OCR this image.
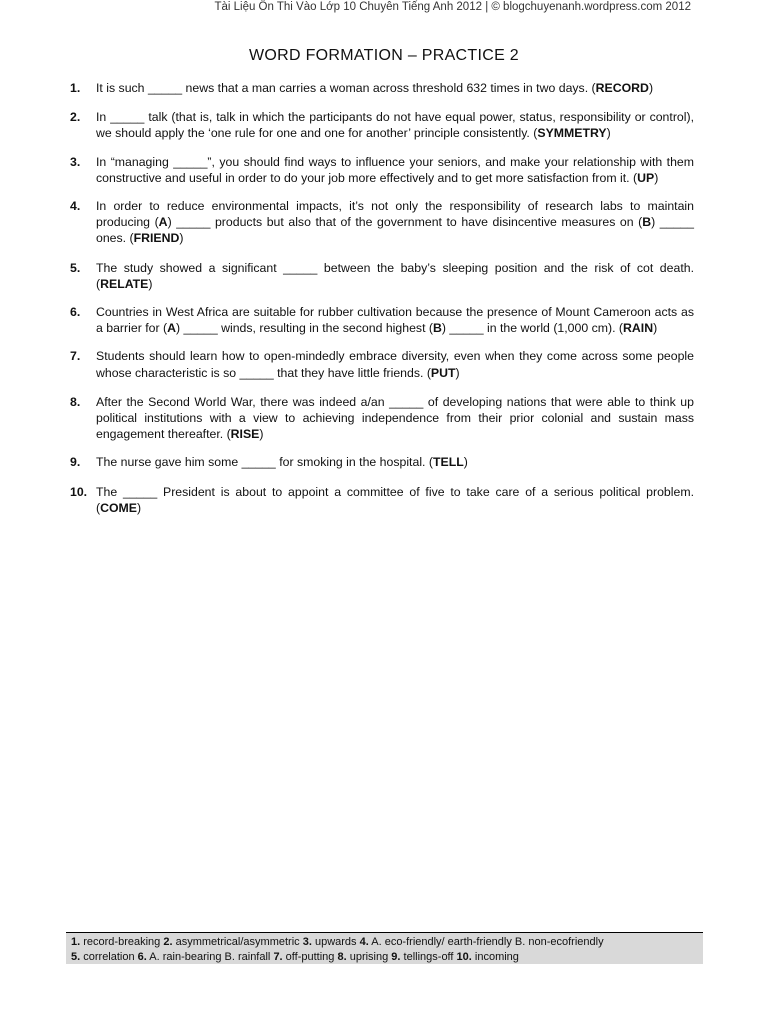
Tài Liệu Ôn Thi Vào Lớp 10 Chuyên Tiếng Anh 2012 | © blogchuyenanh.wordpress.com 2012
WORD FORMATION – PRACTICE 2
1. It is such _____ news that a man carries a woman across threshold 632 times in two days. (RECORD)
2. In _____ talk (that is, talk in which the participants do not have equal power, status, responsibility or control), we should apply the ‘one rule for one and one for another’ principle consistently. (SYMMETRY)
3. In “managing _____”, you should find ways to influence your seniors, and make your relationship with them constructive and useful in order to do your job more effectively and to get more satisfaction from it. (UP)
4. In order to reduce environmental impacts, it’s not only the responsibility of research labs to maintain producing (A) _____ products but also that of the government to have disincentive measures on (B) _____ ones. (FRIEND)
5. The study showed a significant _____ between the baby’s sleeping position and the risk of cot death. (RELATE)
6. Countries in West Africa are suitable for rubber cultivation because the presence of Mount Cameroon acts as a barrier for (A) _____ winds, resulting in the second highest (B) _____ in the world (1,000 cm). (RAIN)
7. Students should learn how to open-mindedly embrace diversity, even when they come across some people whose characteristic is so _____ that they have little friends. (PUT)
8. After the Second World War, there was indeed a/an _____ of developing nations that were able to think up political institutions with a view to achieving independence from their prior colonial and sustain mass engagement thereafter. (RISE)
9. The nurse gave him some _____ for smoking in the hospital. (TELL)
10. The _____ President is about to appoint a committee of five to take care of a serious political problem. (COME)
1. record-breaking 2. asymmetrical/asymmetric 3. upwards 4. A. eco-friendly/ earth-friendly B. non-ecofriendly
5. correlation 6. A. rain-bearing B. rainfall 7. off-putting 8. uprising 9. tellings-off 10. incoming
